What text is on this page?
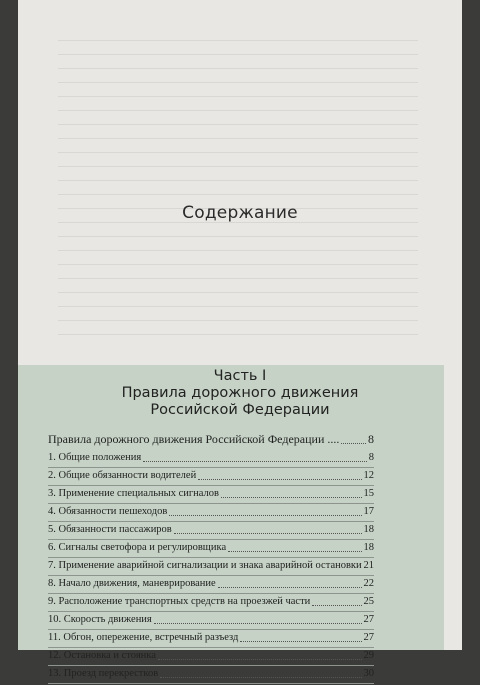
Содержание
Часть I
Правила дорожного движения
Российской Федерации
Правила дорожного движения Российской Федерации .... 8
1. Общие положения	8
2. Общие обязанности водителей	12
3. Применение специальных сигналов	15
4. Обязанности пешеходов	17
5. Обязанности пассажиров	18
6. Сигналы светофора и регулировщика	18
7. Применение аварийной сигнализации и знака аварийной остановки 21
8. Начало движения, маневрирование	22
9. Расположение транспортных средств на проезжей части	25
10. Скорость движения	27
11. Обгон, опережение, встречный разъезд	27
12. Остановка и стоянка	29
13. Проезд перекрестков	30
